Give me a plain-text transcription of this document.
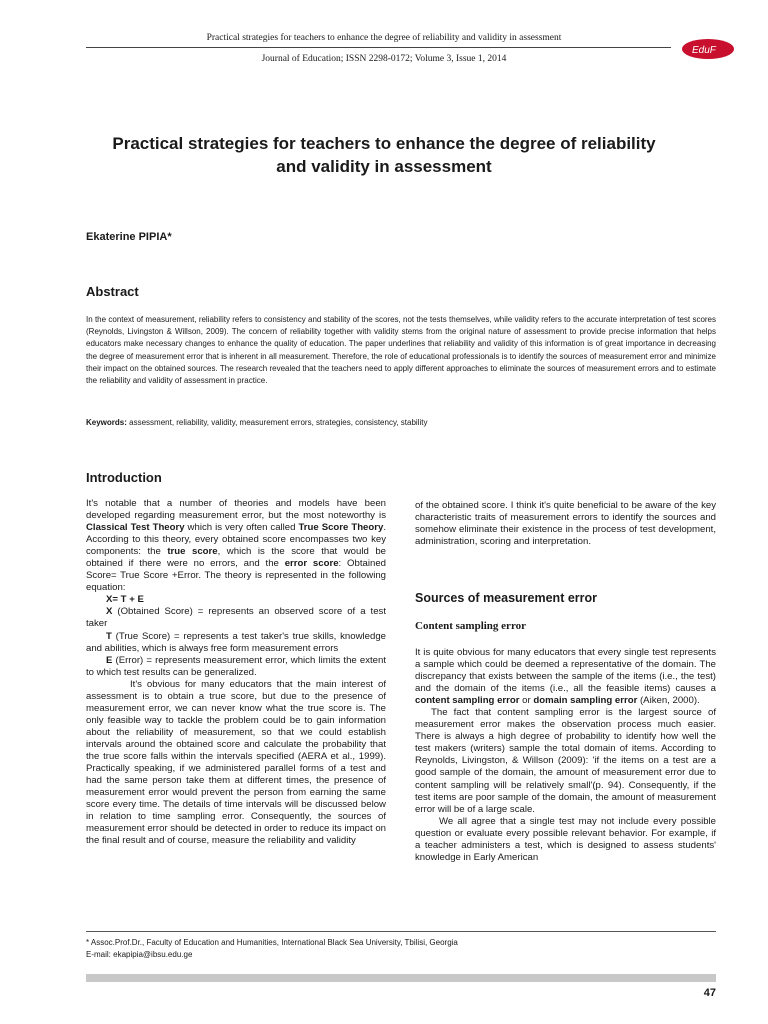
Practical strategies for teachers to enhance the degree of reliability and validity in assessment
Journal of Education; ISSN 2298-0172; Volume 3, Issue 1, 2014
EduF
Practical strategies for teachers to enhance the degree of reliability
and validity in assessment
Ekaterine PIPIA*
Abstract
In the context of measurement, reliability refers to consistency and stability of the scores, not the tests themselves, while validity refers to the accurate interpretation of test scores (Reynolds, Livingston & Willson, 2009). The concern of reliability together with validity stems from the original nature of assessment to provide precise information that helps educators make necessary changes to enhance the quality of education. The paper underlines that reliability and validity of this information is of great importance in decreasing the degree of measurement error that is inherent in all measurement. Therefore, the role of educational professionals is to identify the sources of measurement error and minimize their impact on the obtained sources. The research revealed that the teachers need to apply different approaches to eliminate the sources of measurement errors and to estimate the reliability and validity of assessment in practice.
Keywords: assessment, reliability, validity, measurement errors, strategies, consistency, stability
Introduction

It's notable that a number of theories and models have been developed regarding measurement error, but the most noteworthy is Classical Test Theory which is very often called True Score Theory. According to this theory, every obtained score encompasses two key components: the true score, which is the score that would be obtained if there were no errors, and the error score: Obtained Score= True Score +Error. The theory is represented in the following equation:

X= T + E

X (Obtained Score) = represents an observed score of a test taker

T (True Score) = represents a test taker's true skills, knowledge and abilities, which is always free form measurement errors

E (Error) = represents measurement error, which limits the extent to which test results can be generalized.

It's obvious for many educators that the main interest of assessment is to obtain a true score, but due to the presence of measurement error, we can never know what the true score is. The only feasible way to tackle the problem could be to gain information about the reliability of measurement, so that we could establish intervals around the obtained score and calculate the probability that the true score falls within the intervals specified (AERA et al., 1999). Practically speaking, if we administered parallel forms of a test and had the same person take them at different times, the presence of measurement error would prevent the person from earning the same score every time. The details of time intervals will be discussed below in relation to time sampling error. Consequently, the sources of measurement error should be detected in order to reduce its impact on the final result and of course, measure the reliability and validity

of the obtained score. I think it's quite beneficial to be aware of the key characteristic traits of measurement errors to identify the sources and somehow eliminate their existence in the process of test development, administration, scoring and interpretation.

Sources of measurement error
Content sampling error

It is quite obvious for many educators that every single test represents a sample which could be deemed a representative of the domain. The discrepancy that exists between the sample of the items (i.e., the test) and the domain of the items (i.e., all the feasible items) causes a content sampling error or domain sampling error (Aiken, 2000).

The fact that content sampling error is the largest source of measurement error makes the observation process much easier. There is always a high degree of probability to identify how well the test makers (writers) sample the total domain of items. According to Reynolds, Livingston, & Willson (2009): 'if the items on a test are a good sample of the domain, the amount of measurement error due to content sampling will be relatively small'(p. 94). Consequently, if the test items are poor sample of the domain, the amount of measurement error will be of a large scale.

We all agree that a single test may not include every possible question or evaluate every possible relevant behavior. For example, if a teacher administers a test, which is designed to assess students' knowledge in Early American

* Assoc.Prof.Dr., Faculty of Education and Humanities, International Black Sea University, Tbilisi, Georgia
E-mail: ekapipia@ibsu.edu.ge
47
